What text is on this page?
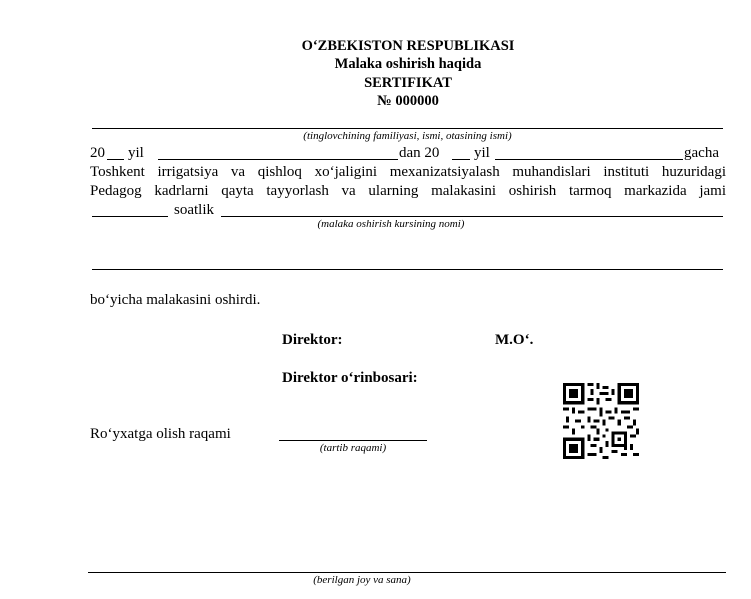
O‘ZBEKISTON RESPUBLIKASI
Malaka oshirish haqida
SERTIFIKAT
№ 000000
(tinglovchining familiyasi, ismi, otasining ismi)
20 yil	dan 20 yil	gacha
Toshkent irrigatsiya va qishloq xo‘jaligini mexanizatsiyalash muhandislari instituti huzuridagi
Pedagog kadrlarni qayta tayyorlash va ularning malakasini oshirish tarmoq markazida jami
soatlik
(malaka oshirish kursining nomi)
bo‘yicha malakasini oshirdi.
Direktor:	M.O‘.
Direktor o‘rinbosari:
Ro‘yxatga olish raqami
(tartib raqami)
(berilgan joy va sana)
